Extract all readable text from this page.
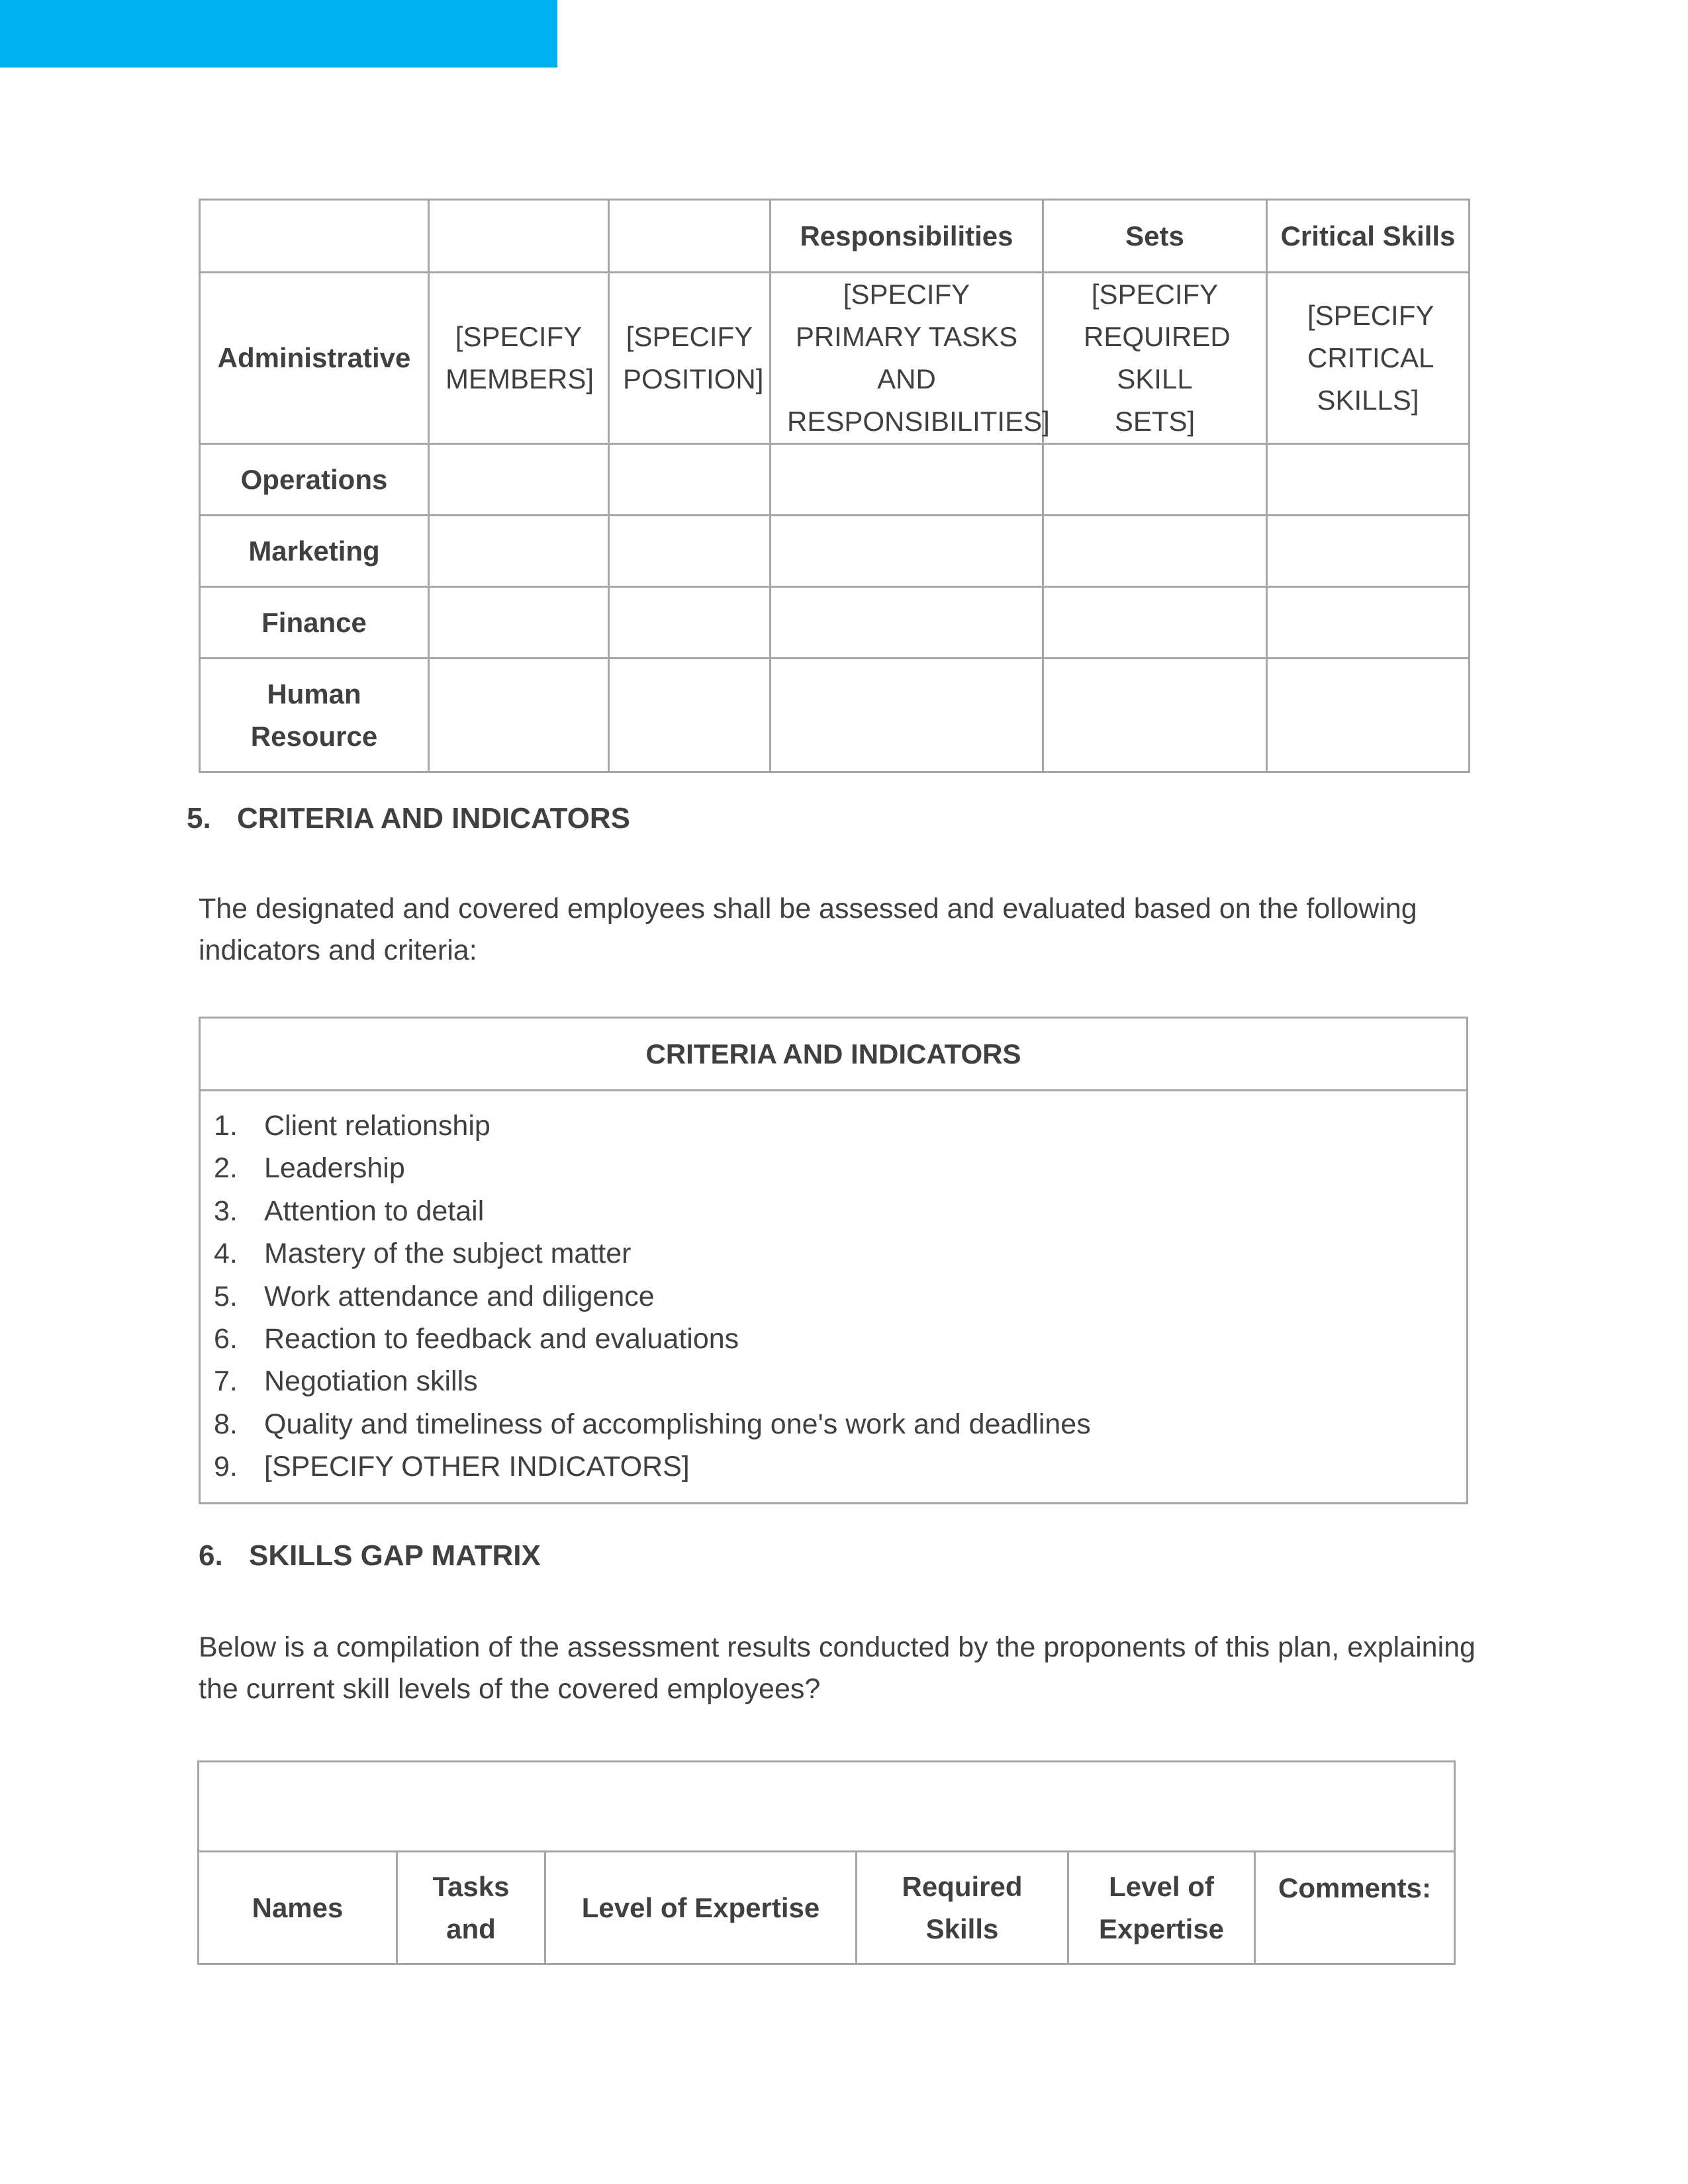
			Responsibilities	Sets	Critical Skills
Administrative	[SPECIFY MEMBERS]	[SPECIFY POSITION]	[SPECIFY PRIMARY TASKS AND RESPONSIBILITIES]	[SPECIFY REQUIRED SKILL SETS]	[SPECIFY CRITICAL SKILLS]
Operations					
Marketing					
Finance					
Human Resource					
5. CRITERIA AND INDICATORS

The designated and covered employees shall be assessed and evaluated based on the following indicators and criteria:

CRITERIA AND INDICATORS

1. Client relationship
2. Leadership
3. Attention to detail
4. Mastery of the subject matter
5. Work attendance and diligence
6. Reaction to feedback and evaluations
7. Negotiation skills
8. Quality and timeliness of accomplishing one's work and deadlines
9. [SPECIFY OTHER INDICATORS]
6. SKILLS GAP MATRIX

Below is a compilation of the assessment results conducted by the proponents of this plan, explaining the current skill levels of the covered employees?

Names	Tasks and	Level of Expertise	Required Skills	Level of Expertise	Comments:
